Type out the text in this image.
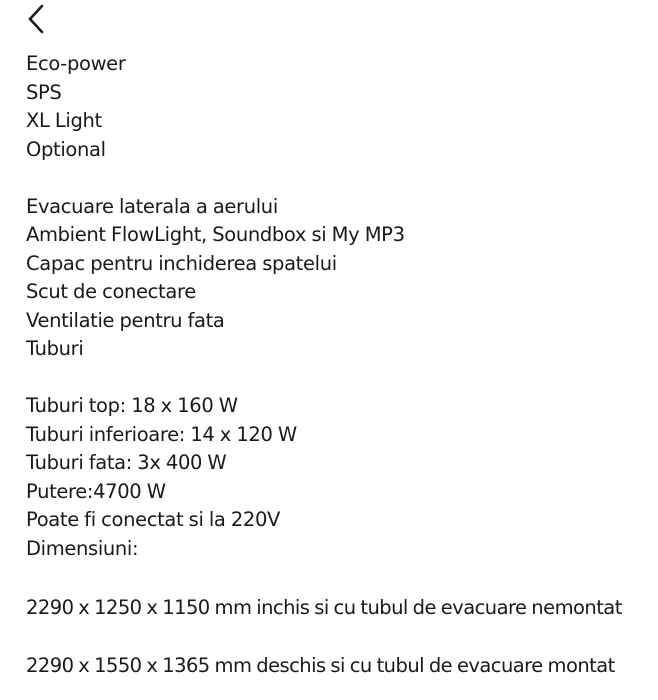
Eco-power
SPS
XL Light
Optional
Evacuare laterala a aerului
Ambient FlowLight, Soundbox si My MP3
Capac pentru inchiderea spatelui
Scut de conectare
Ventilatie pentru fata
Tuburi
Tuburi top: 18 x 160 W
Tuburi inferioare: 14 x 120 W
Tuburi fata: 3x 400 W
Putere:4700 W
Poate fi conectat si la 220V
Dimensiuni:
2290 x 1250 x 1150 mm inchis si cu tubul de evacuare nemontat
2290 x 1550 x 1365 mm deschis si cu tubul de evacuare montat
